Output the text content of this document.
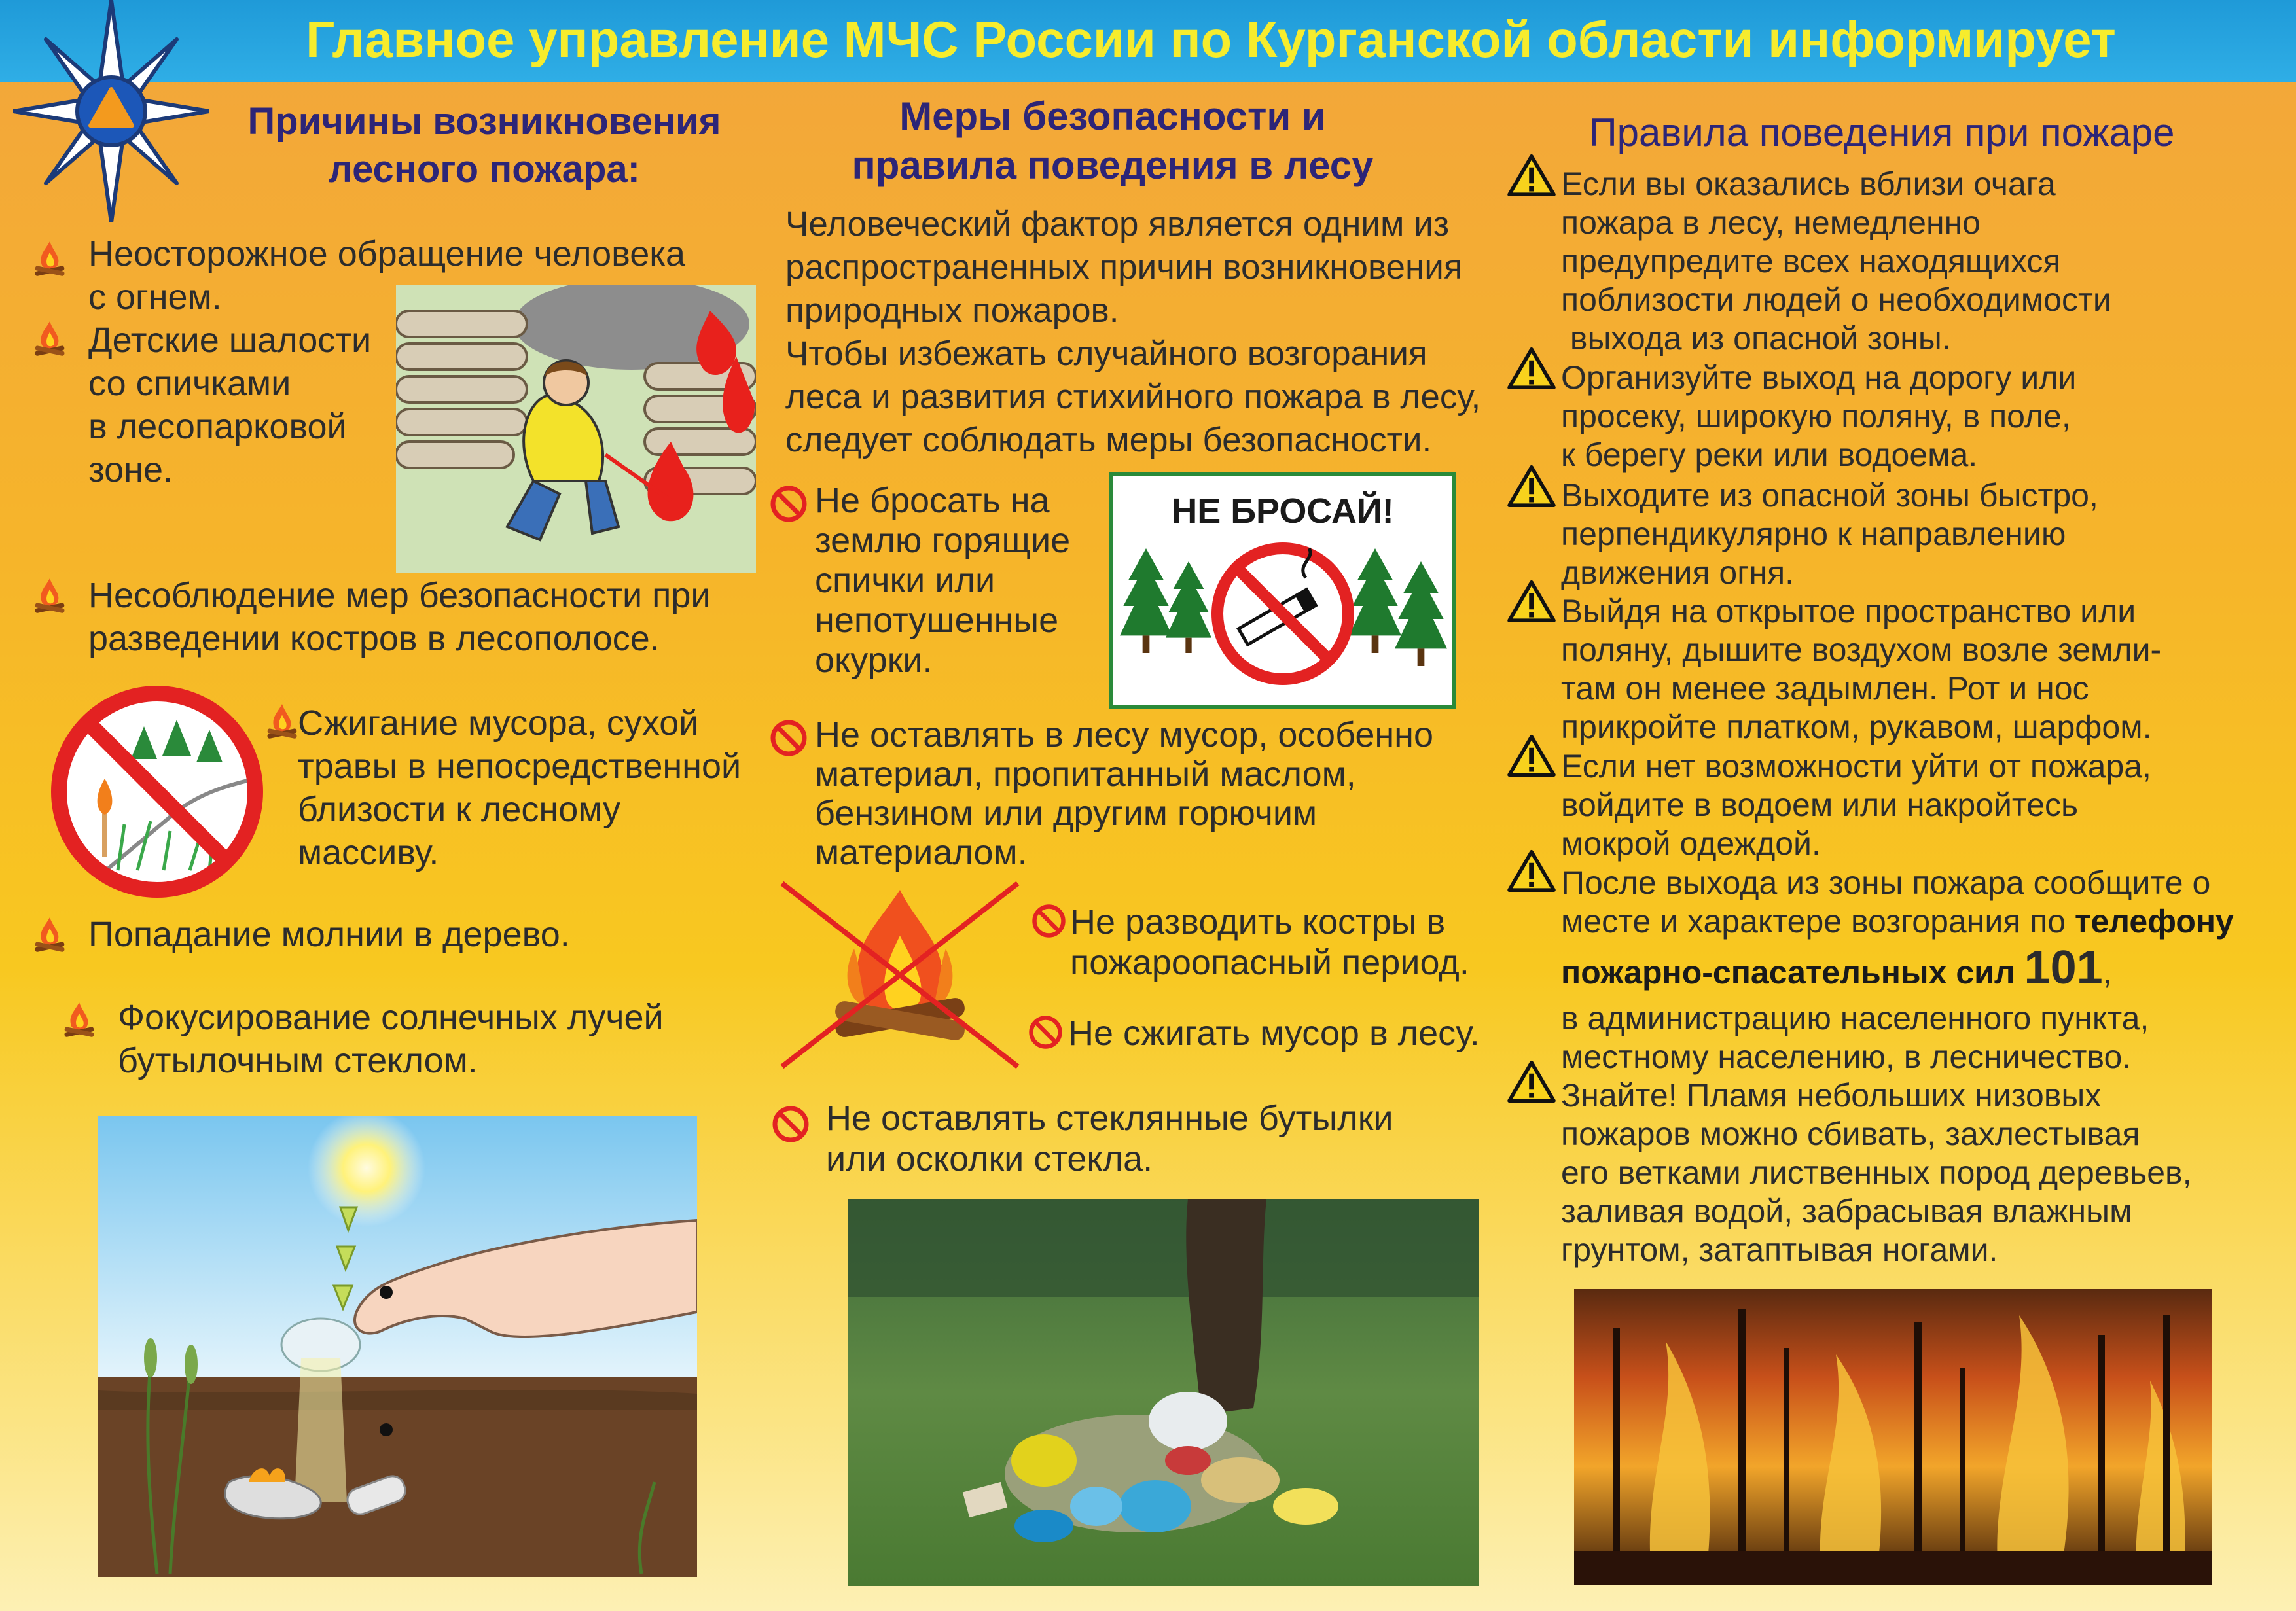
Главное управление МЧС России по Курганской области информирует
Причины возникновения
лесного пожара:
Неосторожное обращение человека
с огнем.
Детские шалости
со спичками
в лесопарковой
зоне.
Несоблюдение мер безопасности при
разведении костров в лесополосе.
Сжигание мусора, сухой
травы в непосредственной
близости к лесному
массиву.
Попадание молнии в дерево.
Фокусирование солнечных лучей
бутылочным стеклом.
Меры безопасности и
правила поведения в лесу
Человеческий фактор является одним из
распространенных причин возникновения
природных пожаров.
Чтобы избежать случайного возгорания
леса и развития стихийного пожара в лесу,
следует соблюдать меры безопасности.
Не бросать на
землю горящие
спички или
непотушенные
окурки.
НЕ БРОСАЙ!
Не оставлять в лесу мусор, особенно
материал, пропитанный маслом,
бензином или другим горючим
материалом.
Не разводить костры в
пожароопасный период.
Не сжигать мусор в лесу.
Не оставлять стеклянные бутылки
или осколки стекла.
Правила поведения при пожаре
Если вы оказались вблизи очага
пожара в лесу, немедленно
предупредите всех находящихся
поблизости людей о необходимости
выхода из опасной зоны.
Организуйте выход на дорогу или
просеку, широкую поляну, в поле,
к берегу реки или водоема.
Выходите из опасной зоны быстро,
перпендикулярно к направлению
движения огня.
Выйдя на открытое пространство или
поляну, дышите воздухом возле земли-
там он менее задымлен. Рот и нос
прикройте платком, рукавом, шарфом.
Если нет возможности уйти от пожара,
войдите в водоем или накройтесь
мокрой одеждой.
После выхода из зоны пожара сообщите о
месте и характере возгорания по телефону
пожарно-спасательных сил 101,
в администрацию населенного пункта,
местному населению, в лесничество.
Знайте! Пламя небольших низовых
пожаров можно сбивать, захлестывая
его ветками лиственных пород деревьев,
заливая водой, забрасывая влажным
грунтом, затаптывая ногами.
